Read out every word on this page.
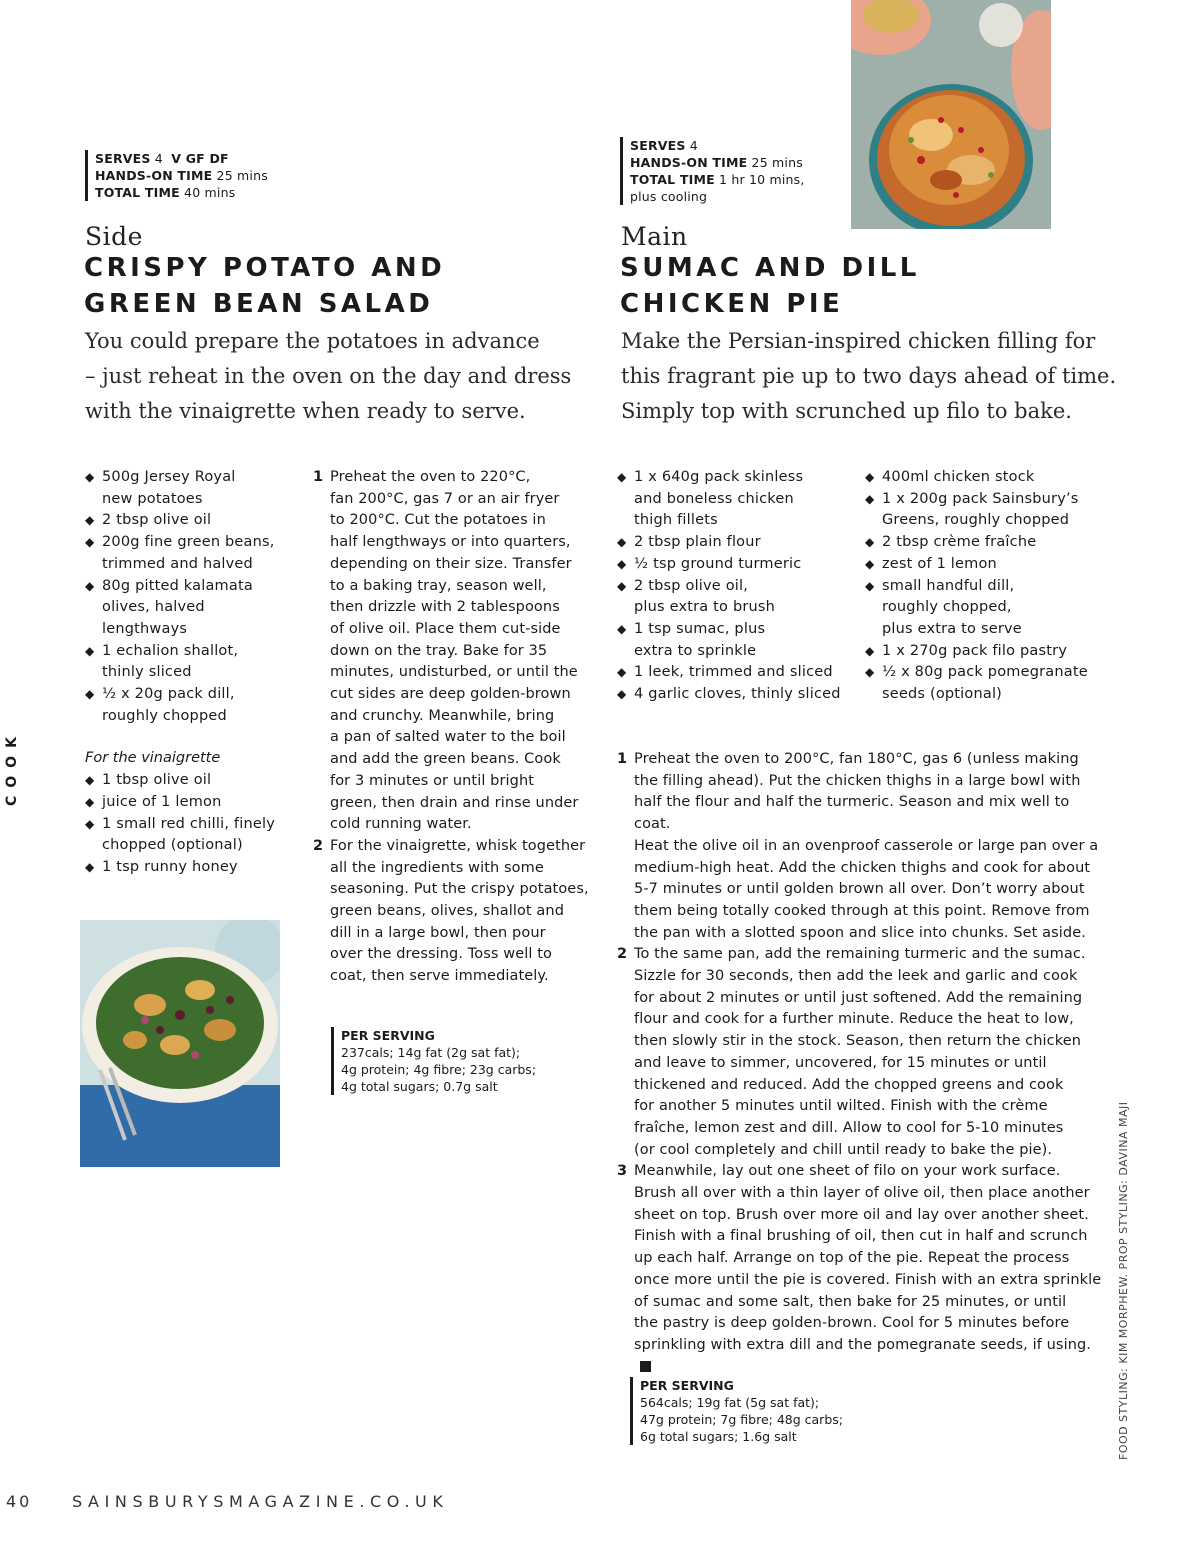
SERVES 4 V GF DF
HANDS-ON TIME 25 mins
TOTAL TIME 40 mins
Side
CRISPY POTATO AND
GREEN BEAN SALAD
You could prepare the potatoes in advance
– just reheat in the oven on the day and dress
with the vinaigrette when ready to serve.
◆ 500g Jersey Royal
new potatoes
◆ 2 tbsp olive oil
◆ 200g fine green beans,
trimmed and halved
◆ 80g pitted kalamata
olives, halved
lengthways
◆ 1 echalion shallot,
thinly sliced
◆ ½ x 20g pack dill,
roughly chopped
For the vinaigrette
◆ 1 tbsp olive oil
◆ juice of 1 lemon
◆ 1 small red chilli, finely
chopped (optional)
◆ 1 tsp runny honey
1 Preheat the oven to 220°C,
fan 200°C, gas 7 or an air fryer
to 200°C. Cut the potatoes in
half lengthways or into quarters,
depending on their size. Transfer
to a baking tray, season well,
then drizzle with 2 tablespoons
of olive oil. Place them cut-side
down on the tray. Bake for 35
minutes, undisturbed, or until the
cut sides are deep golden-brown
and crunchy. Meanwhile, bring
a pan of salted water to the boil
and add the green beans. Cook
for 3 minutes or until bright
green, then drain and rinse under
cold running water.
2 For the vinaigrette, whisk together
all the ingredients with some
seasoning. Put the crispy potatoes,
green beans, olives, shallot and
dill in a large bowl, then pour
over the dressing. Toss well to
coat, then serve immediately.
PER SERVING
237cals; 14g fat (2g sat fat);
4g protein; 4g fibre; 23g carbs;
4g total sugars; 0.7g salt
SERVES 4
HANDS-ON TIME 25 mins
TOTAL TIME 1 hr 10 mins,
plus cooling
Main
SUMAC AND DILL
CHICKEN PIE
Make the Persian-inspired chicken filling for
this fragrant pie up to two days ahead of time.
Simply top with scrunched up filo to bake.
◆ 1 x 640g pack skinless
and boneless chicken
thigh fillets
◆ 2 tbsp plain flour
◆ ½ tsp ground turmeric
◆ 2 tbsp olive oil,
plus extra to brush
◆ 1 tsp sumac, plus
extra to sprinkle
◆ 1 leek, trimmed and sliced
◆ 4 garlic cloves, thinly sliced
◆ 400ml chicken stock
◆ 1 x 200g pack Sainsbury’s
Greens, roughly chopped
◆ 2 tbsp crème fraîche
◆ zest of 1 lemon
◆ small handful dill,
roughly chopped,
plus extra to serve
◆ 1 x 270g pack filo pastry
◆ ½ x 80g pack pomegranate
seeds (optional)
1 Preheat the oven to 200°C, fan 180°C, gas 6 (unless making
the filling ahead). Put the chicken thighs in a large bowl with
half the flour and half the turmeric. Season and mix well to coat.
Heat the olive oil in an ovenproof casserole or large pan over a
medium-high heat. Add the chicken thighs and cook for about
5-7 minutes or until golden brown all over. Don’t worry about
them being totally cooked through at this point. Remove from
the pan with a slotted spoon and slice into chunks. Set aside.
2 To the same pan, add the remaining turmeric and the sumac.
Sizzle for 30 seconds, then add the leek and garlic and cook
for about 2 minutes or until just softened. Add the remaining
flour and cook for a further minute. Reduce the heat to low,
then slowly stir in the stock. Season, then return the chicken
and leave to simmer, uncovered, for 15 minutes or until
thickened and reduced. Add the chopped greens and cook
for another 5 minutes until wilted. Finish with the crème
fraîche, lemon zest and dill. Allow to cool for 5-10 minutes
(or cool completely and chill until ready to bake the pie).
3 Meanwhile, lay out one sheet of filo on your work surface.
Brush all over with a thin layer of olive oil, then place another
sheet on top. Brush over more oil and lay over another sheet.
Finish with a final brushing of oil, then cut in half and scrunch
up each half. Arrange on top of the pie. Repeat the process
once more until the pie is covered. Finish with an extra sprinkle
of sumac and some salt, then bake for 25 minutes, or until
the pastry is deep golden-brown. Cool for 5 minutes before
sprinkling with extra dill and the pomegranate seeds, if using.
PER SERVING
564cals; 19g fat (5g sat fat);
47g protein; 7g fibre; 48g carbs;
6g total sugars; 1.6g salt
COOK
FOOD STYLING: KIM MORPHEW. PROP STYLING: DAVINA MAJI
40 SAINSBURYSMAGAZINE.CO.UK
